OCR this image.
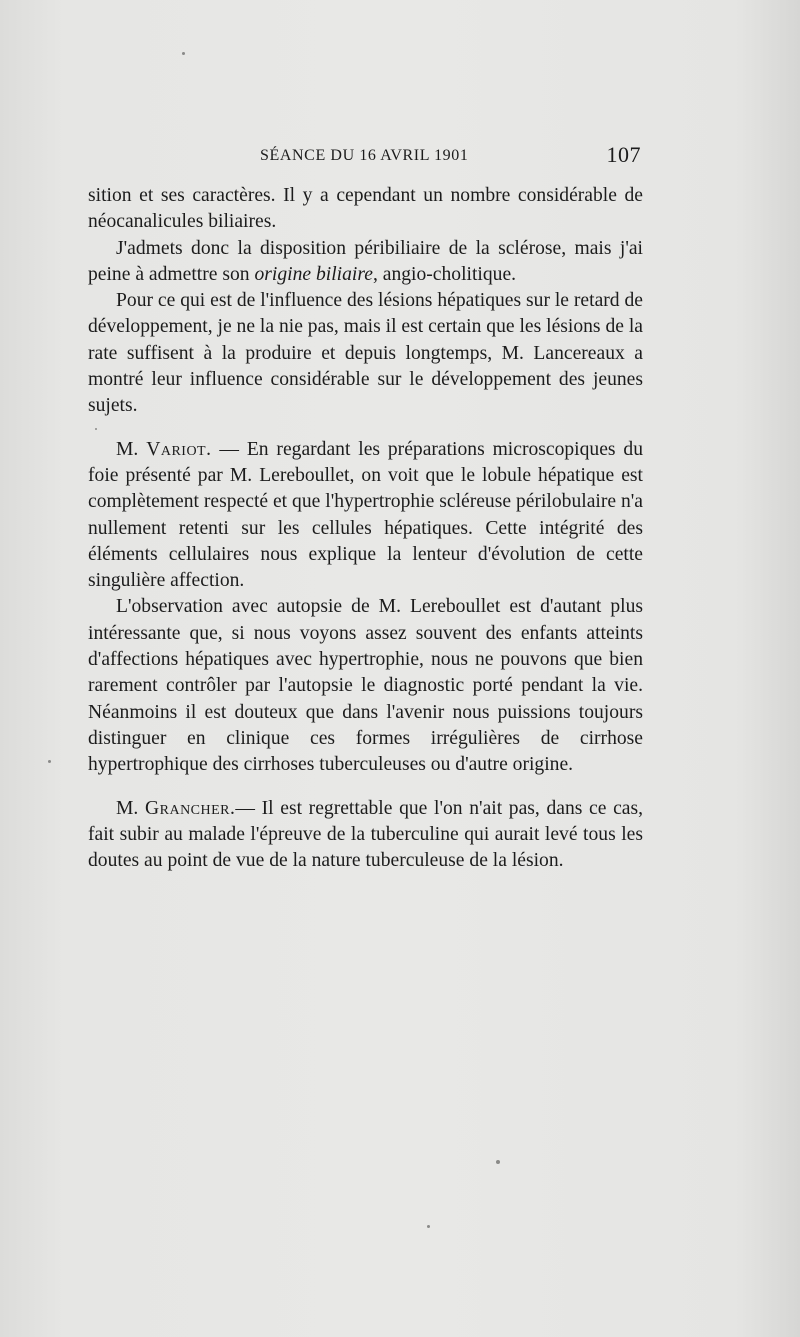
SÉANCE DU 16 AVRIL 1901	107

sition et ses caractères. Il y a cependant un nombre considérable de néocanalicules biliaires.

J'admets donc la disposition péribiliaire de la sclérose, mais j'ai peine à admettre son origine biliaire, angio-cholitique.

Pour ce qui est de l'influence des lésions hépatiques sur le retard de développement, je ne la nie pas, mais il est certain que les lésions de la rate suffisent à la produire et depuis longtemps, M. Lancereaux a montré leur influence considérable sur le développement des jeunes sujets.

M. Variot. — En regardant les préparations microscopiques du foie présenté par M. Lereboullet, on voit que le lobule hépatique est complètement respecté et que l'hypertrophie scléreuse périlobulaire n'a nullement retenti sur les cellules hépatiques. Cette intégrité des éléments cellulaires nous explique la lenteur d'évolution de cette singulière affection.

L'observation avec autopsie de M. Lereboullet est d'autant plus intéressante que, si nous voyons assez souvent des enfants atteints d'affections hépatiques avec hypertrophie, nous ne pouvons que bien rarement contrôler par l'autopsie le diagnostic porté pendant la vie. Néanmoins il est douteux que dans l'avenir nous puissions toujours distinguer en clinique ces formes irrégulières de cirrhose hypertrophique des cirrhoses tuberculeuses ou d'autre origine.

M. Grancher.— Il est regrettable que l'on n'ait pas, dans ce cas, fait subir au malade l'épreuve de la tuberculine qui aurait levé tous les doutes au point de vue de la nature tuberculeuse de la lésion.
